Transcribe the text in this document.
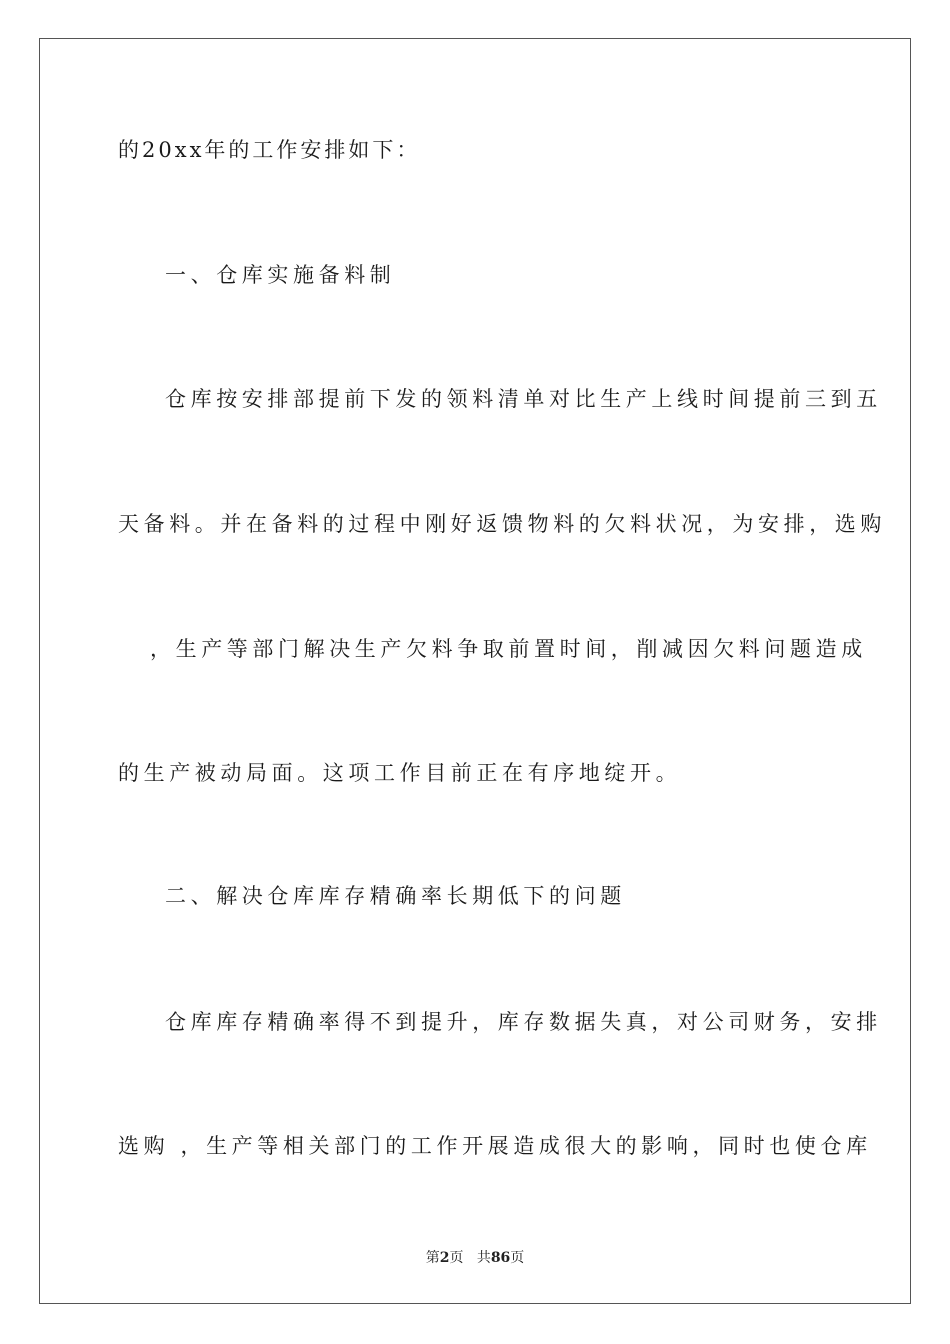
的20xx年的工作安排如下：
一、仓库实施备料制
仓库按安排部提前下发的领料清单对比生产上线时间提前三到五
天备料。并在备料的过程中刚好返馈物料的欠料状况，为安排，选购
，生产等部门解决生产欠料争取前置时间，削减因欠料问题造成
的生产被动局面。这项工作目前正在有序地绽开。
二、解决仓库库存精确率长期低下的问题
仓库库存精确率得不到提升，库存数据失真，对公司财务，安排
选购 ，生产等相关部门的工作开展造成很大的影响，同时也使仓库
第2页 共86页
